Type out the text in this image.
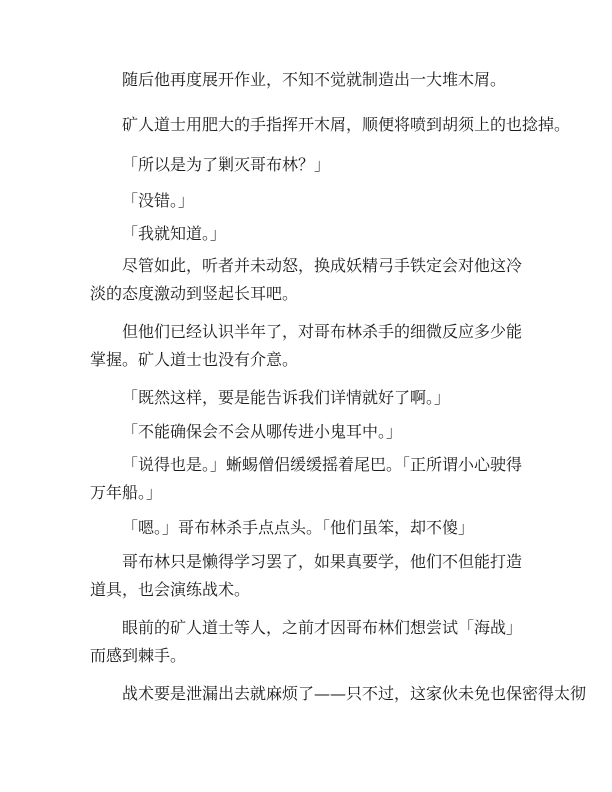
随后他再度展开作业，不知不觉就制造出一大堆木屑。

矿人道士用肥大的手指挥开木屑，顺便将喷到胡须上的也捻掉。

「所以是为了剿灭哥布林？」

「没错。」

「我就知道。」

尽管如此，听者并未动怒，换成妖精弓手铁定会对他这冷淡的态度激动到竖起长耳吧。

但他们已经认识半年了，对哥布林杀手的细微反应多少能掌握。矿人道士也没有介意。

「既然这样，要是能告诉我们详情就好了啊。」

「不能确保会不会从哪传进小鬼耳中。」

「说得也是。」蜥蜴僧侣缓缓摇着尾巴。「正所谓小心驶得万年船。」

「嗯。」哥布林杀手点点头。「他们虽笨，却不傻」

哥布林只是懒得学习罢了，如果真要学，他们不但能打造道具，也会演练战术。

眼前的矿人道士等人，之前才因哥布林们想尝试「海战」而感到棘手。

战术要是泄漏出去就麻烦了——只不过，这家伙未免也保密得太彻
